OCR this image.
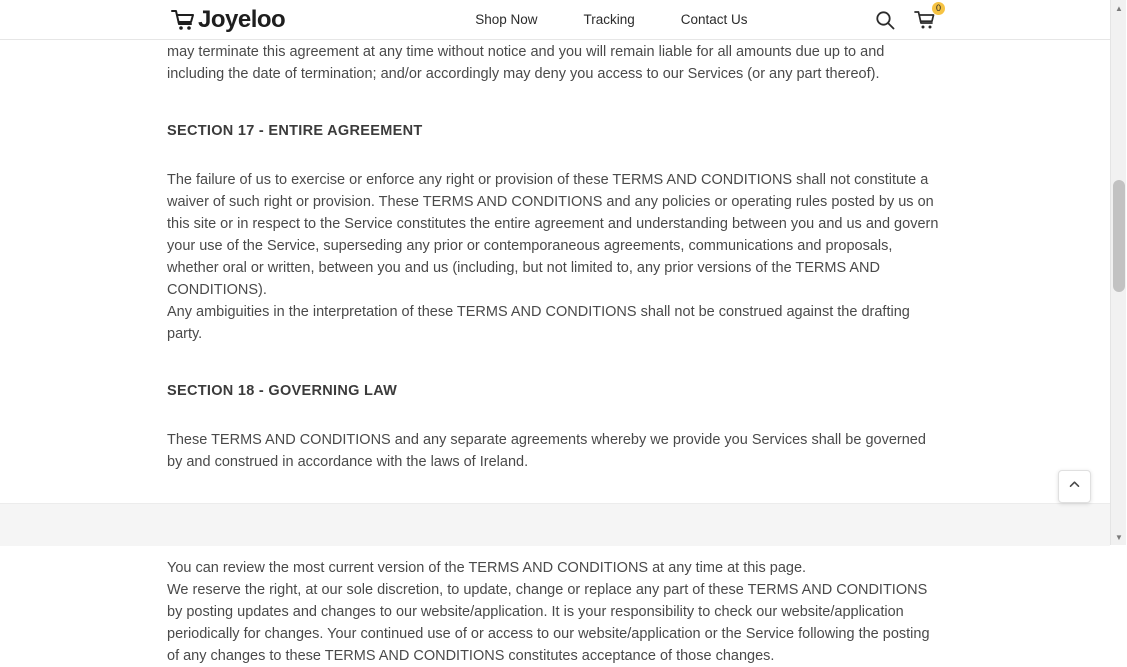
Joyeloo	Shop Now	Tracking	Contact Us
0

may terminate this agreement at any time without notice and you will remain liable for all amounts due up to and including the date of termination; and/or accordingly may deny you access to our Services (or any part thereof).

SECTION 17 - ENTIRE AGREEMENT

The failure of us to exercise or enforce any right or provision of these TERMS AND CONDITIONS shall not constitute a waiver of such right or provision. These TERMS AND CONDITIONS and any policies or operating rules posted by us on this site or in respect to the Service constitutes the entire agreement and understanding between you and us and govern your use of the Service, superseding any prior or contemporaneous agreements, communications and proposals, whether oral or written, between you and us (including, but not limited to, any prior versions of the TERMS AND CONDITIONS).

Any ambiguities in the interpretation of these TERMS AND CONDITIONS shall not be construed against the drafting party.

SECTION 18 - GOVERNING LAW

These TERMS AND CONDITIONS and any separate agreements whereby we provide you Services shall be governed by and construed in accordance with the laws of Ireland.

You can review the most current version of the TERMS AND CONDITIONS at any time at this page.

We reserve the right, at our sole discretion, to update, change or replace any part of these TERMS AND CONDITIONS by posting updates and changes to our website/application. It is your responsibility to check our website/application periodically for changes. Your continued use of or access to our website/application or the Service following the posting of any changes to these TERMS AND CONDITIONS constitutes acceptance of those changes.

▲
▼
